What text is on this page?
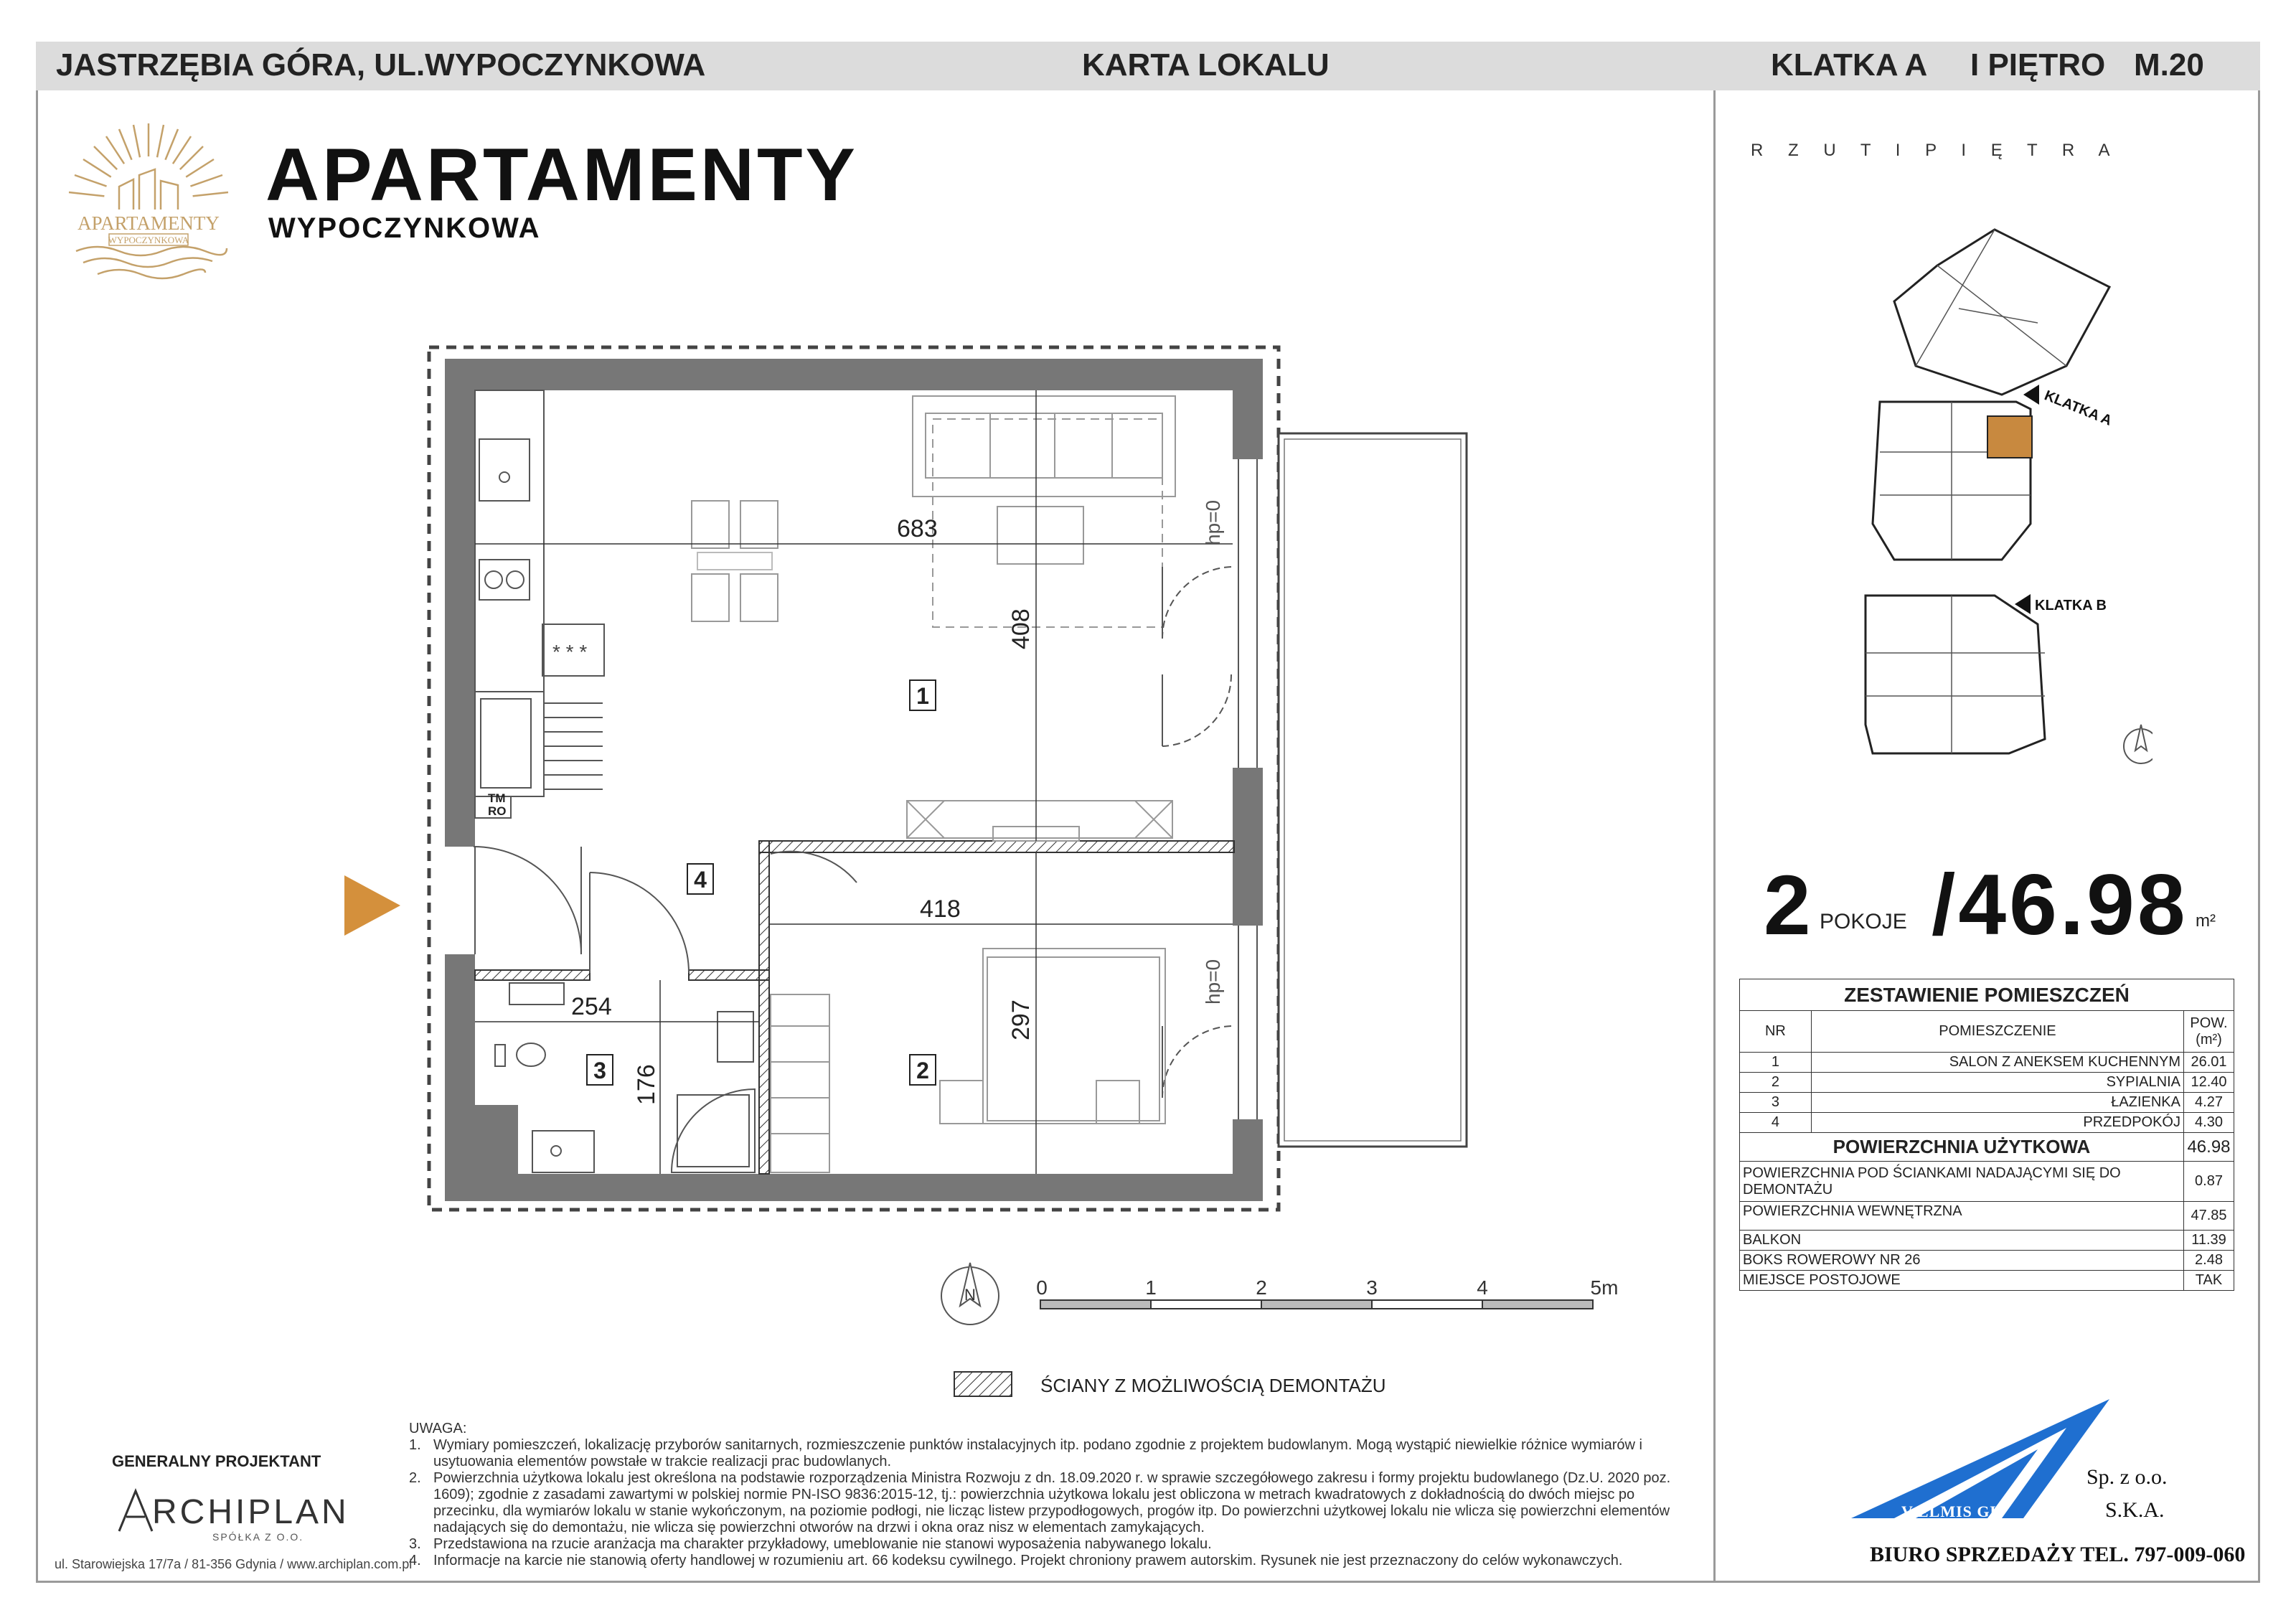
JASTRZĘBIA GÓRA, UL.WYPOCZYNKOWA	KARTA LOKALU	KLATKA A I PIĘTRO M.20
APARTAMENTY
WYPOCZYNKOWA
APARTAMENTY
WYPOCZYNKOWA
* * *
TM
RO
683
408
418
297
254
176
hp=0
hp=0
1
2
3
4
N	0	1	2	3	4	5m
ŚCIANY Z MOŻLIWOŚCIĄ DEMONTAŻU
R Z U T I P I Ę T R A
KLATKA A
KLATKA B
2 POKOJE /46.98 m²
ZESTAWIENIE POMIESZCZEŃ		
NR	POMIESZCZENIE	POW. (m²)
1	SALON Z ANEKSEM KUCHENNYM	26.01
2	SYPIALNIA	12.40
3	ŁAZIENKA	4.27
4	PRZEDPOKÓJ	4.30
POWIERZCHNIA UŻYTKOWA		46.98
POWIERZCHNIA POD ŚCIANKAMI NADAJĄCYMI SIĘ DO DEMONTAŻU		0.87
POWIERZCHNIA WEWNĘTRZNA		47.85
BALKON		11.39
BOKS ROWEROWY NR 26		2.48
MIEJSCE POSTOJOWE		TAK
UWAGA:
1. Wymiary pomieszczeń, lokalizację przyborów sanitarnych, rozmieszczenie punktów instalacyjnych itp. podano zgodnie z projektem budowlanym. Mogą wystąpić niewielkie różnice wymiarów i usytuowania elementów powstałe w trakcie realizacji prac budowlanych.
2. Powierzchnia użytkowa lokalu jest określona na podstawie rozporządzenia Ministra Rozwoju z dn. 18.09.2020 r. w sprawie szczegółowego zakresu i formy projektu budowlanego (Dz.U. 2020 poz. 1609); zgodnie z zasadami zawartymi w polskiej normie PN-ISO 9836:2015-12, tj.: powierzchnia użytkowa lokalu jest obliczona w metrach kwadratowych z dokładnością do dwóch miejsc po przecinku, dla wymiarów lokalu w stanie wykończonym, na poziomie podłogi, nie licząc listew przypodłogowych, progów itp. Do powierzchni użytkowej lokalu nie wlicza się powierzchni elementów nadających się do demontażu, nie wlicza się powierzchni otworów na drzwi i okna oraz nisz w elementach zamykających.
3. Przedstawiona na rzucie aranżacja ma charakter przykładowy, umeblowanie nie stanowi wyposażenia nabywanego lokalu.
4. Informacje na karcie nie stanowią oferty handlowej w rozumieniu art. 66 kodeksu cywilnego. Projekt chroniony prawem autorskim. Rysunek nie jest przeznaczony do celów wykonawczych.
GENERALNY PROJEKTANT
RCHIPLAN
SPÓŁKA Z O.O.
ul. Starowiejska 17/7a / 81-356 Gdynia / www.archiplan.com.pl
V ELMIS GK
Sp. z o.o.
S.K.A.
BIURO SPRZEDAŻY TEL. 797-009-060
